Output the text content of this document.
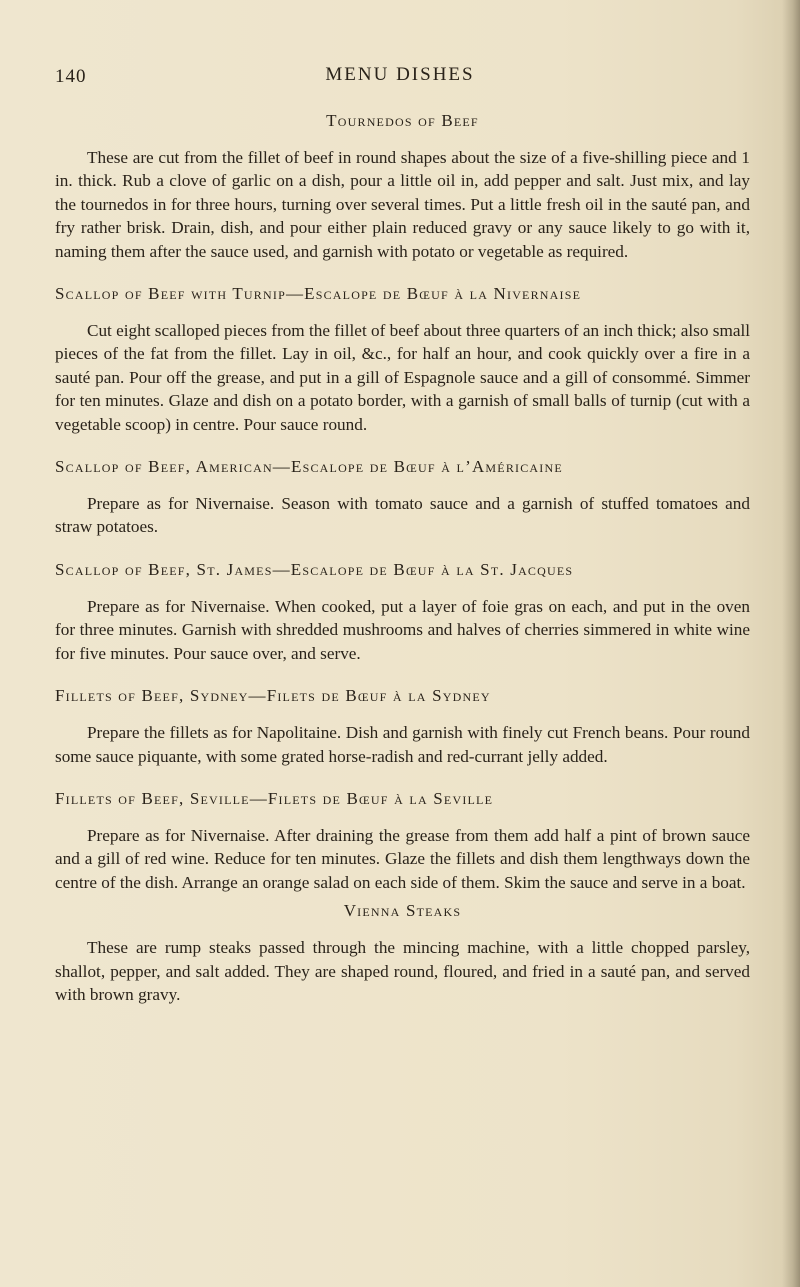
140	MENU DISHES
Tournedos of Beef

These are cut from the fillet of beef in round shapes about the size of a five-shilling piece and 1 in. thick. Rub a clove of garlic on a dish, pour a little oil in, add pepper and salt. Just mix, and lay the tournedos in for three hours, turning over several times. Put a little fresh oil in the sauté pan, and fry rather brisk. Drain, dish, and pour either plain reduced gravy or any sauce likely to go with it, naming them after the sauce used, and garnish with potato or vegetable as required.

Scallop of Beef with Turnip—Escalope de Bœuf à la Nivernaise

Cut eight scalloped pieces from the fillet of beef about three quarters of an inch thick; also small pieces of the fat from the fillet. Lay in oil, &c., for half an hour, and cook quickly over a fire in a sauté pan. Pour off the grease, and put in a gill of Espagnole sauce and a gill of consommé. Simmer for ten minutes. Glaze and dish on a potato border, with a garnish of small balls of turnip (cut with a vegetable scoop) in centre. Pour sauce round.

Scallop of Beef, American—Escalope de Bœuf à l’Américaine

Prepare as for Nivernaise. Season with tomato sauce and a garnish of stuffed tomatoes and straw potatoes.

Scallop of Beef, St. James—Escalope de Bœuf à la St. Jacques

Prepare as for Nivernaise. When cooked, put a layer of foie gras on each, and put in the oven for three minutes. Garnish with shredded mushrooms and halves of cherries simmered in white wine for five minutes. Pour sauce over, and serve.

Fillets of Beef, Sydney—Filets de Bœuf à la Sydney

Prepare the fillets as for Napolitaine. Dish and garnish with finely cut French beans. Pour round some sauce piquante, with some grated horse-radish and red-currant jelly added.

Fillets of Beef, Seville—Filets de Bœuf à la Seville

Prepare as for Nivernaise. After draining the grease from them add half a pint of brown sauce and a gill of red wine. Reduce for ten minutes. Glaze the fillets and dish them lengthways down the centre of the dish. Arrange an orange salad on each side of them. Skim the sauce and serve in a boat.

Vienna Steaks

These are rump steaks passed through the mincing machine, with a little chopped parsley, shallot, pepper, and salt added. They are shaped round, floured, and fried in a sauté pan, and served with brown gravy.
